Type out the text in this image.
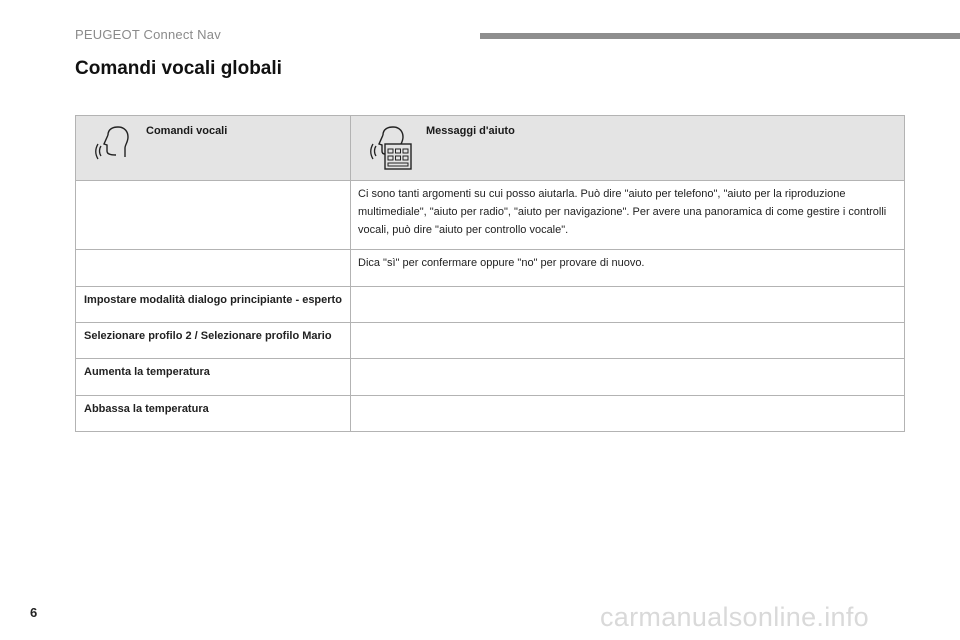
PEUGEOT Connect Nav
Comandi vocali globali
Comandi vocali	Messaggi d'aiuto

	Ci sono tanti argomenti su cui posso aiutarla. Può dire "aiuto per telefono", "aiuto per la riproduzione multimediale", "aiuto per radio", "aiuto per navigazione". Per avere una panoramica di come gestire i controlli vocali, può dire "aiuto per controllo vocale".
	Dica "sì" per confermare oppure "no" per provare di nuovo.
Impostare modalità dialogo principiante - esperto	
Selezionare profilo 2 / Selezionare profilo Mario	
Aumenta la temperatura	
Abbassa la temperatura	
6	carmanualsonline.info
